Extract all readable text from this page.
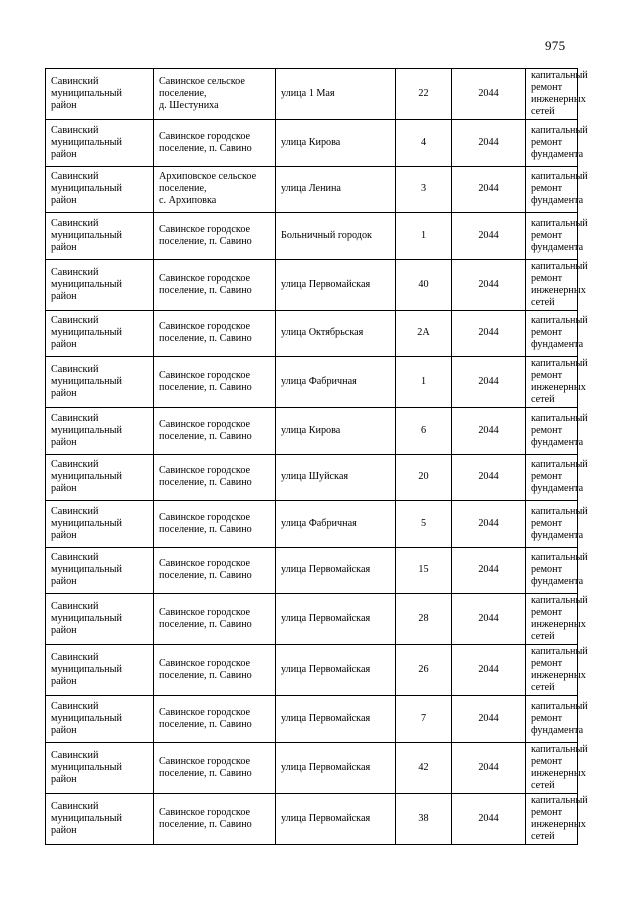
975
Савинский
муниципальный
район	Савинское сельское
поселение,
д. Шестуниха	улица 1 Мая	22	2044	капитальный
ремонт
инженерных
сетей
Савинский
муниципальный
район	Савинское городское
поселение, п. Савино	улица Кирова	4	2044	капитальный
ремонт
фундамента
Савинский
муниципальный
район	Архиповское сельское
поселение,
с. Архиповка	улица Ленина	3	2044	капитальный
ремонт
фундамента
Савинский
муниципальный
район	Савинское городское
поселение, п. Савино	Больничный городок	1	2044	капитальный
ремонт
фундамента
Савинский
муниципальный
район	Савинское городское
поселение, п. Савино	улица Первомайская	40	2044	капитальный
ремонт
инженерных
сетей
Савинский
муниципальный
район	Савинское городское
поселение, п. Савино	улица Октябрьская	2А	2044	капитальный
ремонт
фундамента
Савинский
муниципальный
район	Савинское городское
поселение, п. Савино	улица Фабричная	1	2044	капитальный
ремонт
инженерных
сетей
Савинский
муниципальный
район	Савинское городское
поселение, п. Савино	улица Кирова	6	2044	капитальный
ремонт
фундамента
Савинский
муниципальный
район	Савинское городское
поселение, п. Савино	улица Шуйская	20	2044	капитальный
ремонт
фундамента
Савинский
муниципальный
район	Савинское городское
поселение, п. Савино	улица Фабричная	5	2044	капитальный
ремонт
фундамента
Савинский
муниципальный
район	Савинское городское
поселение, п. Савино	улица Первомайская	15	2044	капитальный
ремонт
фундамента
Савинский
муниципальный
район	Савинское городское
поселение, п. Савино	улица Первомайская	28	2044	капитальный
ремонт
инженерных
сетей
Савинский
муниципальный
район	Савинское городское
поселение, п. Савино	улица Первомайская	26	2044	капитальный
ремонт
инженерных
сетей
Савинский
муниципальный
район	Савинское городское
поселение, п. Савино	улица Первомайская	7	2044	капитальный
ремонт
фундамента
Савинский
муниципальный
район	Савинское городское
поселение, п. Савино	улица Первомайская	42	2044	капитальный
ремонт
инженерных
сетей
Савинский
муниципальный
район	Савинское городское
поселение, п. Савино	улица Первомайская	38	2044	капитальный
ремонт
инженерных
сетей
